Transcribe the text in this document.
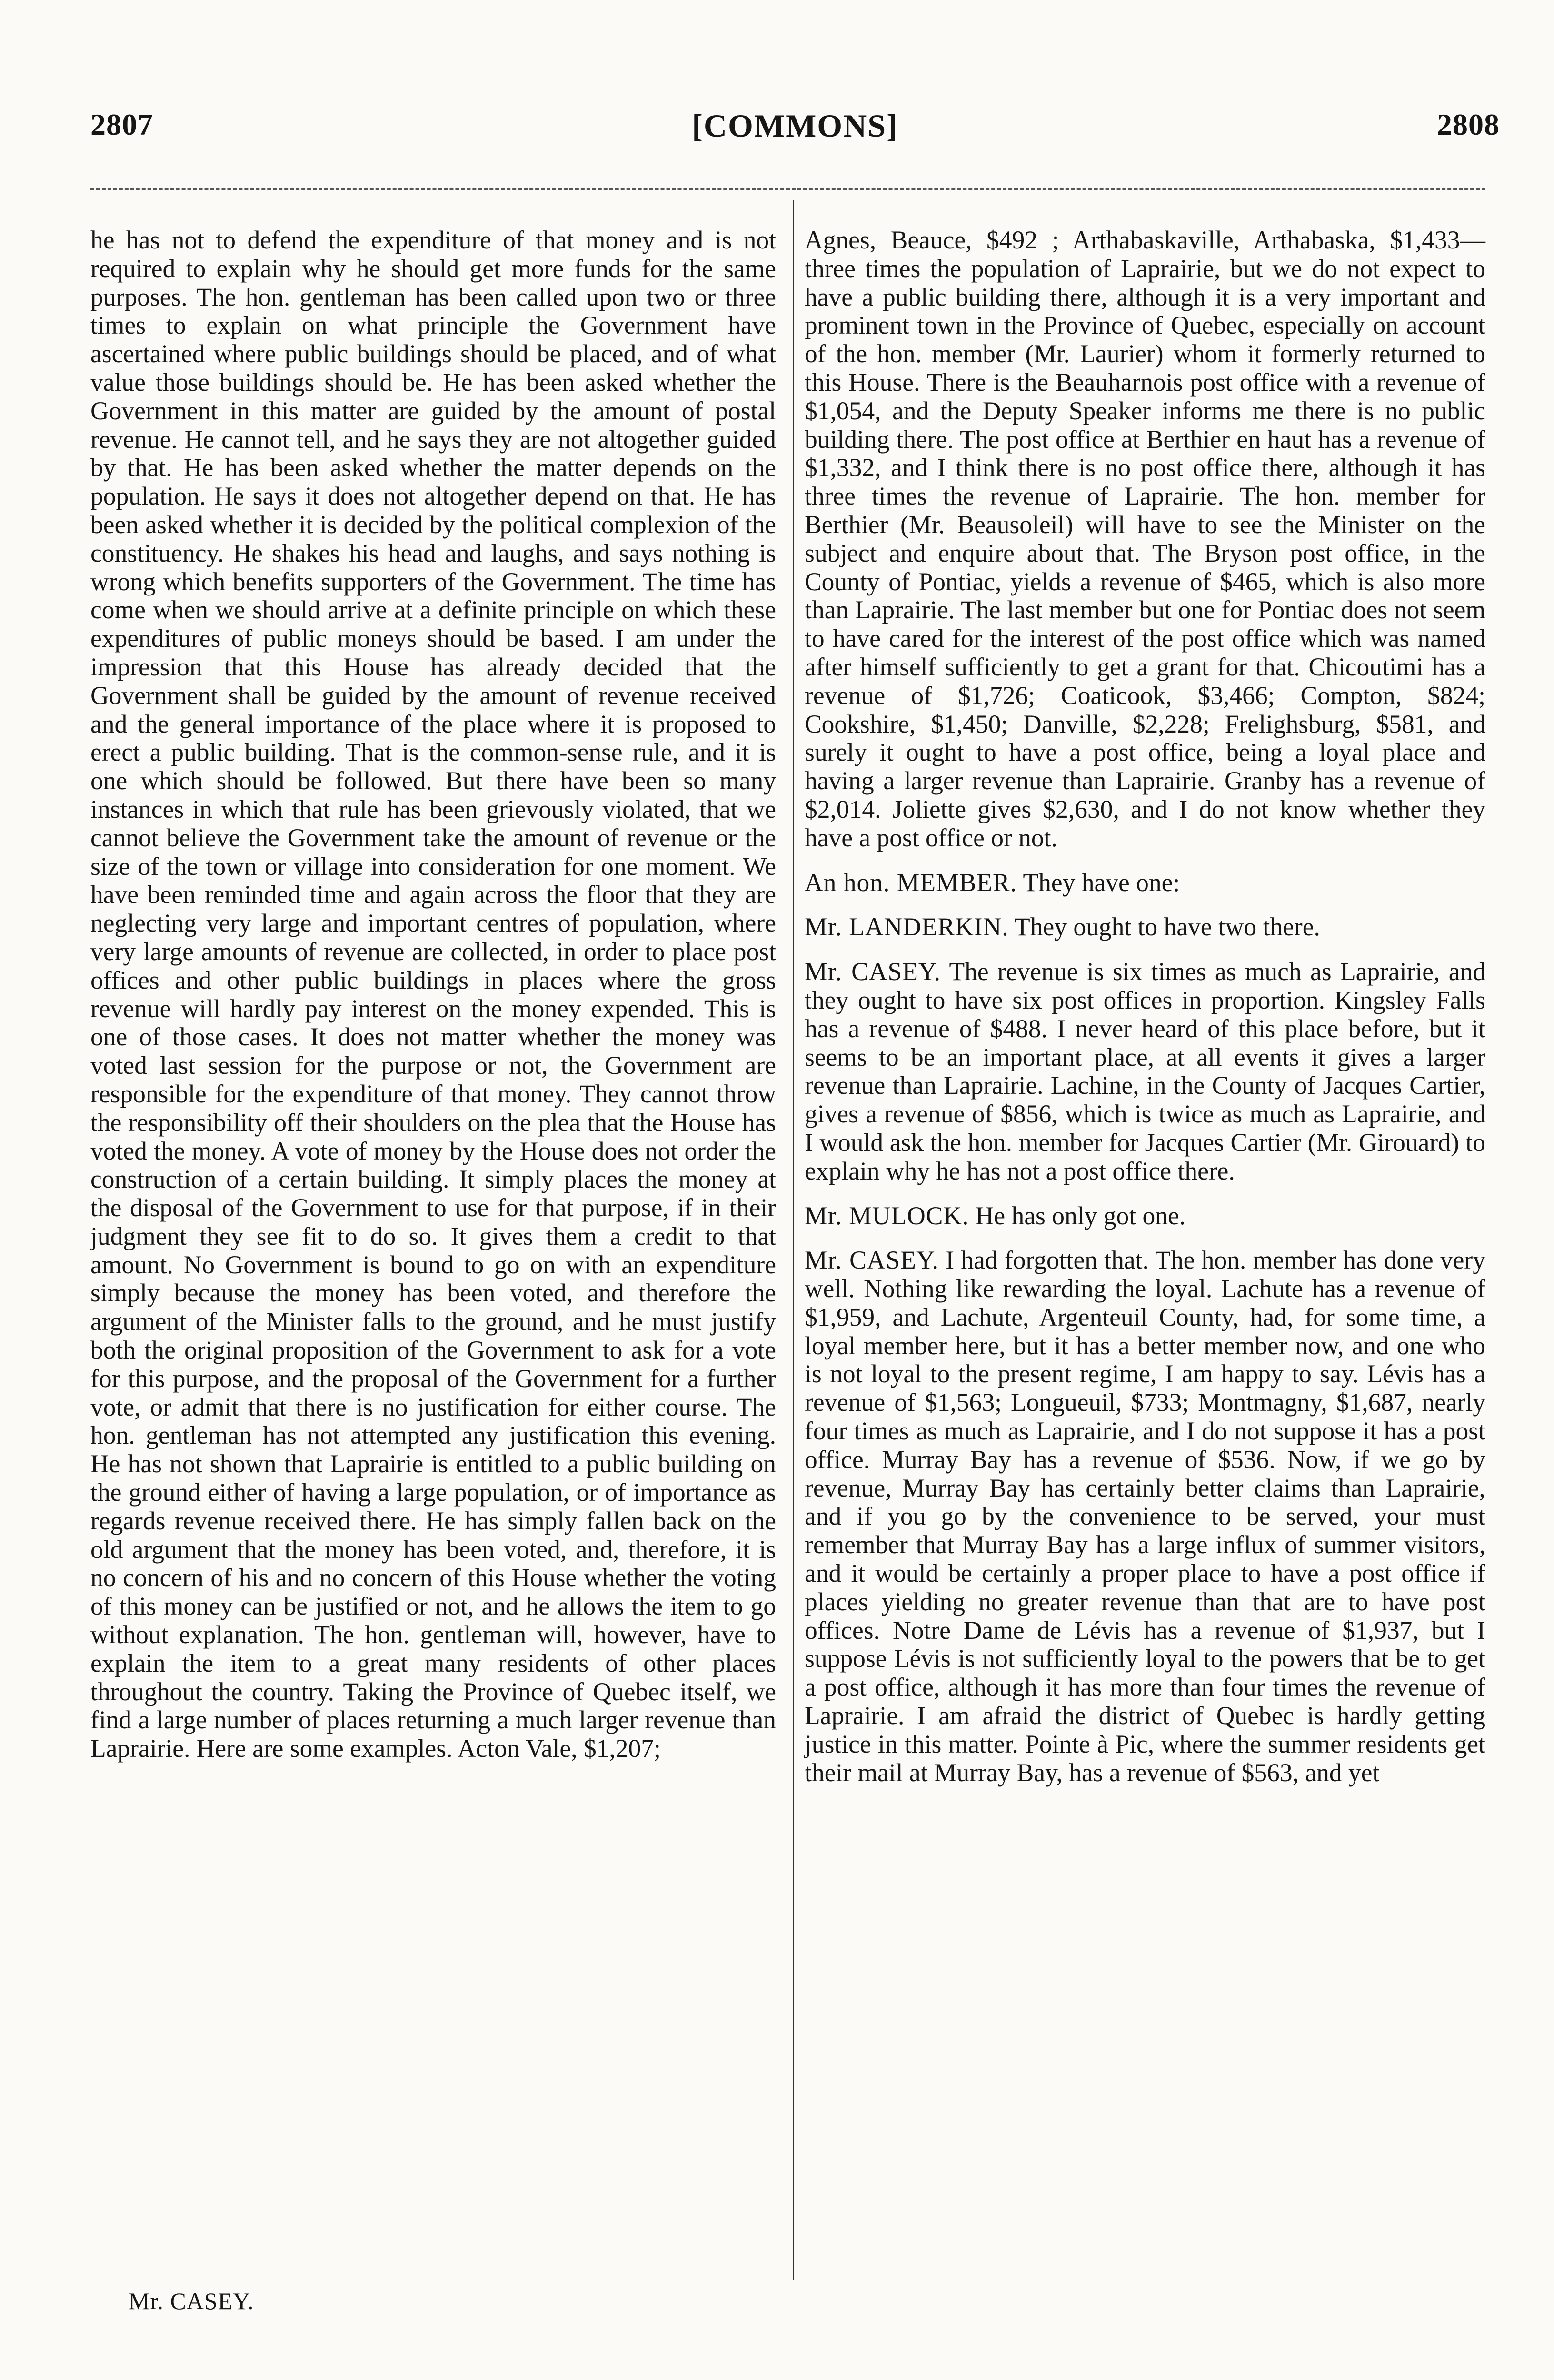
2807	[COMMONS]	2808

he has not to defend the expenditure of that money and is not required to explain why he should get more funds for the same purposes. The hon. gentleman has been called upon two or three times to explain on what principle the Government have ascertained where public buildings should be placed, and of what value those buildings should be. He has been asked whether the Government in this matter are guided by the amount of postal revenue. He cannot tell, and he says they are not altogether guided by that. He has been asked whether the matter depends on the population. He says it does not altogether depend on that. He has been asked whether it is decided by the political complexion of the constituency. He shakes his head and laughs, and says nothing is wrong which benefits supporters of the Government. The time has come when we should arrive at a definite principle on which these expenditures of public moneys should be based. I am under the impression that this House has already decided that the Government shall be guided by the amount of revenue received and the general importance of the place where it is proposed to erect a public building. That is the common-sense rule, and it is one which should be followed. But there have been so many instances in which that rule has been grievously violated, that we cannot believe the Government take the amount of revenue or the size of the town or village into consideration for one moment. We have been reminded time and again across the floor that they are neglecting very large and important centres of population, where very large amounts of revenue are collected, in order to place post offices and other public buildings in places where the gross revenue will hardly pay interest on the money expended. This is one of those cases. It does not matter whether the money was voted last session for the purpose or not, the Government are responsible for the expenditure of that money. They cannot throw the responsibility off their shoulders on the plea that the House has voted the money. A vote of money by the House does not order the construction of a certain building. It simply places the money at the disposal of the Government to use for that purpose, if in their judgment they see fit to do so. It gives them a credit to that amount. No Government is bound to go on with an expenditure simply because the money has been voted, and therefore the argument of the Minister falls to the ground, and he must justify both the original proposition of the Government to ask for a vote for this purpose, and the proposal of the Government for a further vote, or admit that there is no justification for either course. The hon. gentleman has not attempted any justification this evening. He has not shown that Laprairie is entitled to a public building on the ground either of having a large population, or of importance as regards revenue received there. He has simply fallen back on the old argument that the money has been voted, and, therefore, it is no concern of his and no concern of this House whether the voting of this money can be justified or not, and he allows the item to go without explanation. The hon. gentleman will, however, have to explain the item to a great many residents of other places throughout the country. Taking the Province of Quebec itself, we find a large number of places returning a much larger revenue than Laprairie. Here are some examples. Acton Vale, $1,207;

Agnes, Beauce, $492 ; Arthabaskaville, Arthabaska, $1,433—three times the population of Laprairie, but we do not expect to have a public building there, although it is a very important and prominent town in the Province of Quebec, especially on account of the hon. member (Mr. Laurier) whom it formerly returned to this House. There is the Beauharnois post office with a revenue of $1,054, and the Deputy Speaker informs me there is no public building there. The post office at Berthier en haut has a revenue of $1,332, and I think there is no post office there, although it has three times the revenue of Laprairie. The hon. member for Berthier (Mr. Beausoleil) will have to see the Minister on the subject and enquire about that. The Bryson post office, in the County of Pontiac, yields a revenue of $465, which is also more than Laprairie. The last member but one for Pontiac does not seem to have cared for the interest of the post office which was named after himself sufficiently to get a grant for that. Chicoutimi has a revenue of $1,726; Coaticook, $3,466; Compton, $824; Cookshire, $1,450; Danville, $2,228; Frelighsburg, $581, and surely it ought to have a post office, being a loyal place and having a larger revenue than Laprairie. Granby has a revenue of $2,014. Joliette gives $2,630, and I do not know whether they have a post office or not.

An hon. MEMBER. They have one:

Mr. LANDERKIN. They ought to have two there.

Mr. CASEY. The revenue is six times as much as Laprairie, and they ought to have six post offices in proportion. Kingsley Falls has a revenue of $488. I never heard of this place before, but it seems to be an important place, at all events it gives a larger revenue than Laprairie. Lachine, in the County of Jacques Cartier, gives a revenue of $856, which is twice as much as Laprairie, and I would ask the hon. member for Jacques Cartier (Mr. Girouard) to explain why he has not a post office there.

Mr. MULOCK. He has only got one.

Mr. CASEY. I had forgotten that. The hon. member has done very well. Nothing like rewarding the loyal. Lachute has a revenue of $1,959, and Lachute, Argenteuil County, had, for some time, a loyal member here, but it has a better member now, and one who is not loyal to the present regime, I am happy to say. Lévis has a revenue of $1,563; Longueuil, $733; Montmagny, $1,687, nearly four times as much as Laprairie, and I do not suppose it has a post office. Murray Bay has a revenue of $536. Now, if we go by revenue, Murray Bay has certainly better claims than Laprairie, and if you go by the convenience to be served, your must remember that Murray Bay has a large influx of summer visitors, and it would be certainly a proper place to have a post office if places yielding no greater revenue than that are to have post offices. Notre Dame de Lévis has a revenue of $1,937, but I suppose Lévis is not sufficiently loyal to the powers that be to get a post office, although it has more than four times the revenue of Laprairie. I am afraid the district of Quebec is hardly getting justice in this matter. Pointe à Pic, where the summer residents get their mail at Murray Bay, has a revenue of $563, and yet

Mr. CASEY.
